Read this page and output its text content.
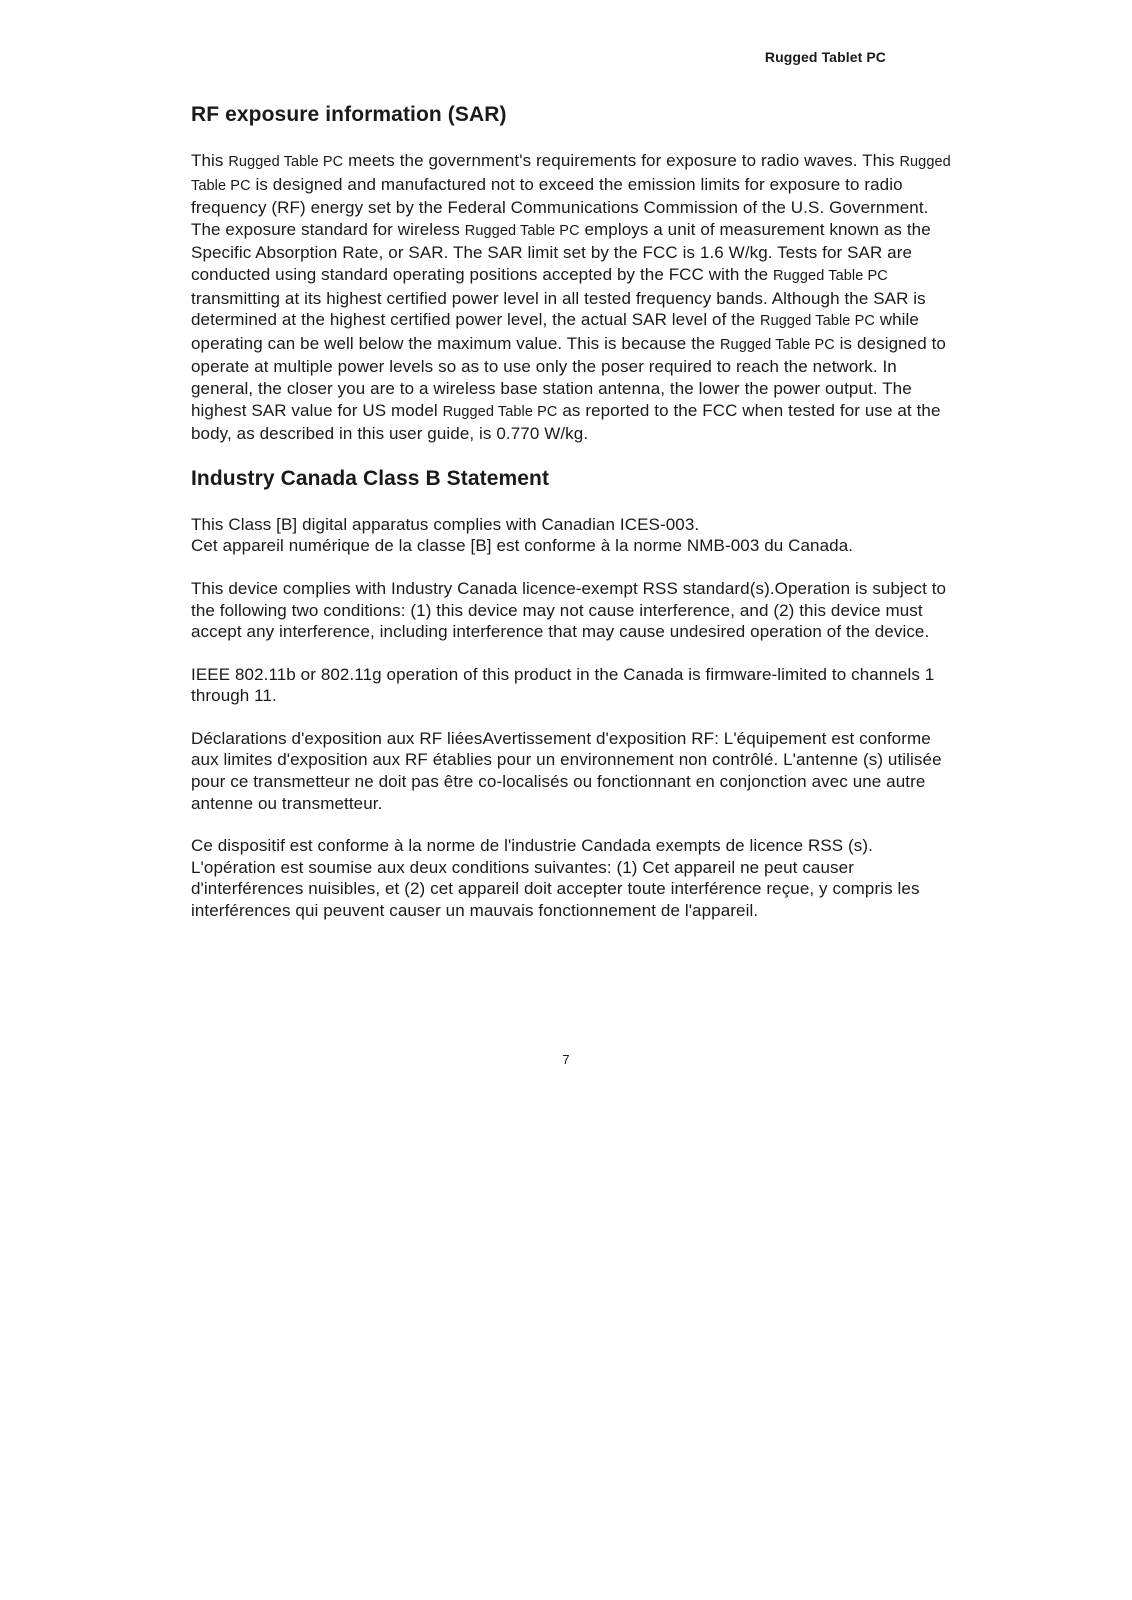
Rugged Tablet PC
RF exposure information (SAR)

This Rugged Table PC meets the government's requirements for exposure to radio waves. This Rugged Table PC is designed and manufactured not to exceed the emission limits for exposure to radio frequency (RF) energy set by the Federal Communications Commission of the U.S. Government. The exposure standard for wireless Rugged Table PC employs a unit of measurement known as the Specific Absorption Rate, or SAR. The SAR limit set by the FCC is 1.6 W/kg. Tests for SAR are conducted using standard operating positions accepted by the FCC with the Rugged Table PC transmitting at its highest certified power level in all tested frequency bands. Although the SAR is determined at the highest certified power level, the actual SAR level of the Rugged Table PC while operating can be well below the maximum value. This is because the Rugged Table PC is designed to operate at multiple power levels so as to use only the poser required to reach the network. In general, the closer you are to a wireless base station antenna, the lower the power output. The highest SAR value for US model Rugged Table PC as reported to the FCC when tested for use at the body, as described in this user guide, is 0.770 W/kg.

Industry Canada Class B Statement

This Class [B] digital apparatus complies with Canadian ICES-003.

Cet appareil numérique de la classe [B] est conforme à la norme NMB-003 du Canada.

This device complies with Industry Canada licence-exempt RSS standard(s).Operation is subject to the following two conditions: (1) this device may not cause interference, and (2) this device must accept any interference, including interference that may cause undesired operation of the device.

IEEE 802.11b or 802.11g operation of this product in the Canada is firmware-limited to channels 1 through 11.

Déclarations d'exposition aux RF liéesAvertissement d'exposition RF: L'équipement est conforme aux limites d'exposition aux RF établies pour un environnement non contrôlé. L'antenne (s) utilisée pour ce transmetteur ne doit pas être co-localisés ou fonctionnant en conjonction avec une autre antenne ou transmetteur.

Ce dispositif est conforme à la norme de l'industrie Candada exempts de licence RSS (s). L'opération est soumise aux deux conditions suivantes: (1) Cet appareil ne peut causer d'interférences nuisibles, et (2) cet appareil doit accepter toute interférence reçue, y compris les interférences qui peuvent causer un mauvais fonctionnement de l'appareil.

7
